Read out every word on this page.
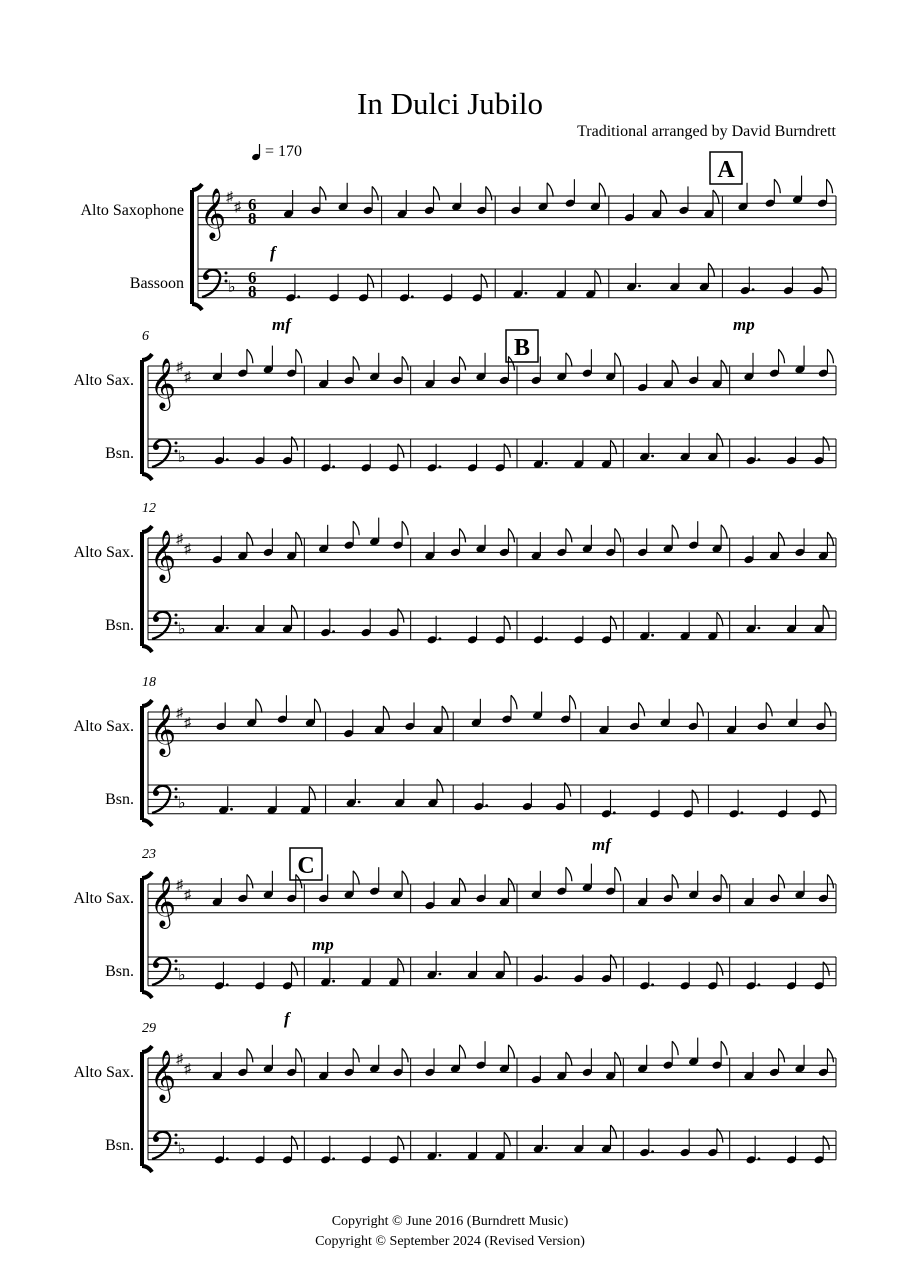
In Dulci Jubilo
Traditional arranged by David Burndrett
= 170
Alto Saxophone
Bassoon
𝄞 ♯
♯
♭
6
8
6
8
Alto Sax.
Bsn.
6
𝄞 ♯
♯
♭
Alto Sax.
Bsn.
12
𝄞 ♯
♯
♭
Alto Sax.
Bsn.
18
𝄞 ♯
♯
♭
Alto Sax.
Bsn.
23
𝄞 ♯
♯
♭
Alto Sax.
Bsn.
29
𝄞 ♯
♯
♭
A
B
C
f
mf	mp
mf
mp
f
Copyright © June 2016 (Burndrett Music)
Copyright © September 2024 (Revised Version)
